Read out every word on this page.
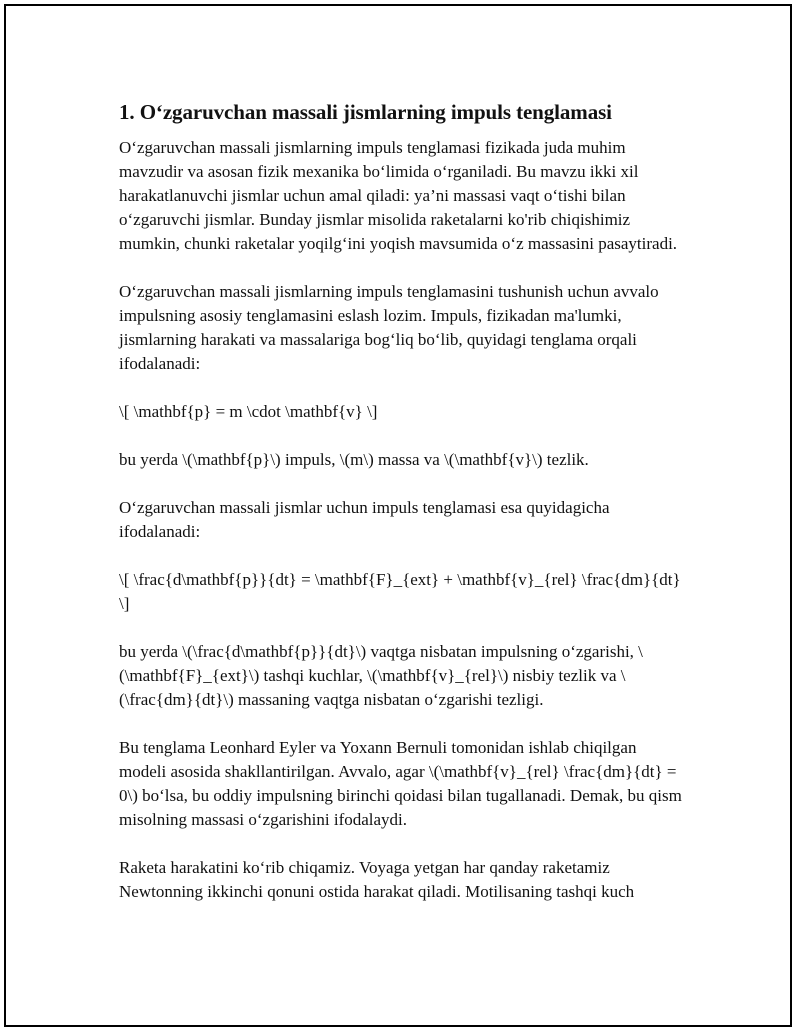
1. O‘zgaruvchan massali jismlarning impuls tenglamasi

O‘zgaruvchan massali jismlarning impuls tenglamasi fizikada juda muhim mavzudir va asosan fizik mexanika bo‘limida o‘rganiladi. Bu mavzu ikki xil harakatlanuvchi jismlar uchun amal qiladi: ya’ni massasi vaqt o‘tishi bilan o‘zgaruvchi jismlar. Bunday jismlar misolida raketalarni ko'rib chiqishimiz mumkin, chunki raketalar yoqilg‘ini yoqish mavsumida o‘z massasini pasaytiradi.

O‘zgaruvchan massali jismlarning impuls tenglamasini tushunish uchun avvalo impulsning asosiy tenglamasini eslash lozim. Impuls, fizikadan ma'lumki, jismlarning harakati va massalariga bog‘liq bo‘lib, quyidagi tenglama orqali ifodalanadi:

\[ \mathbf{p} = m \cdot \mathbf{v} \]

bu yerda \(\mathbf{p}\) impuls, \(m\) massa va \(\mathbf{v}\) tezlik.

O‘zgaruvchan massali jismlar uchun impuls tenglamasi esa quyidagicha ifodalanadi:

\[ \frac{d\mathbf{p}}{dt} = \mathbf{F}_{ext} + \mathbf{v}_{rel} \frac{dm}{dt} \]

bu yerda \(\frac{d\mathbf{p}}{dt}\) vaqtga nisbatan impulsning o‘zgarishi, \(\mathbf{F}_{ext}\) tashqi kuchlar, \(\mathbf{v}_{rel}\) nisbiy tezlik va \(\frac{dm}{dt}\) massaning vaqtga nisbatan o‘zgarishi tezligi.

Bu tenglama Leonhard Eyler va Yoxann Bernuli tomonidan ishlab chiqilgan modeli asosida shakllantirilgan. Avvalo, agar \(\mathbf{v}_{rel} \frac{dm}{dt} = 0\) bo‘lsa, bu oddiy impulsning birinchi qoidasi bilan tugallanadi. Demak, bu qism misolning massasi o‘zgarishini ifodalaydi.

Raketa harakatini ko‘rib chiqamiz. Voyaga yetgan har qanday raketamiz Newtonning ikkinchi qonuni ostida harakat qiladi. Motilisaning tashqi kuch
